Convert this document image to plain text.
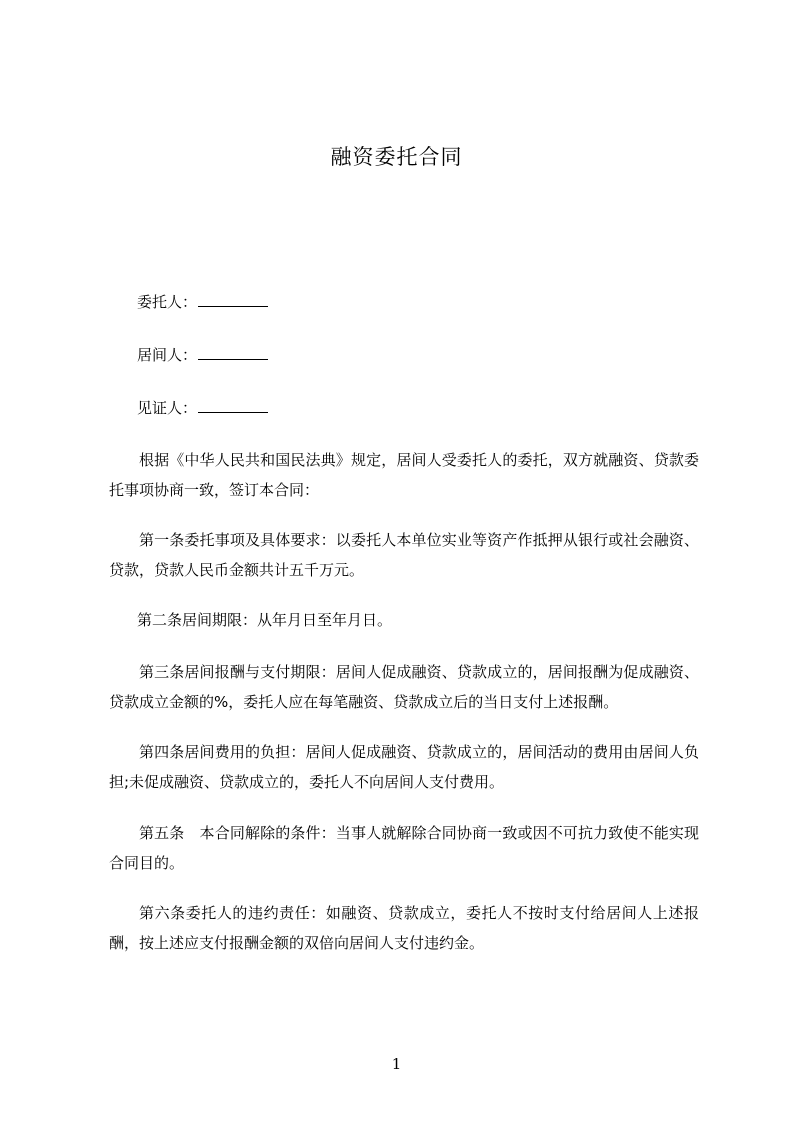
融资委托合同
委托人：
居间人：
见证人：

根据《中华人民共和国民法典》规定，居间人受委托人的委托，双方就融资、贷款委托事项协商一致，签订本合同：

第一条委托事项及具体要求：以委托人本单位实业等资产作抵押从银行或社会融资、贷款，贷款人民币金额共计五千万元。

第二条居间期限：从年月日至年月日。

第三条居间报酬与支付期限：居间人促成融资、贷款成立的，居间报酬为促成融资、贷款成立金额的%，委托人应在每笔融资、贷款成立后的当日支付上述报酬。

第四条居间费用的负担：居间人促成融资、贷款成立的，居间活动的费用由居间人负担;未促成融资、贷款成立的，委托人不向居间人支付费用。

第五条　本合同解除的条件：当事人就解除合同协商一致或因不可抗力致使不能实现合同目的。

第六条委托人的违约责任：如融资、贷款成立，委托人不按时支付给居间人上述报酬，按上述应支付报酬金额的双倍向居间人支付违约金。

1
